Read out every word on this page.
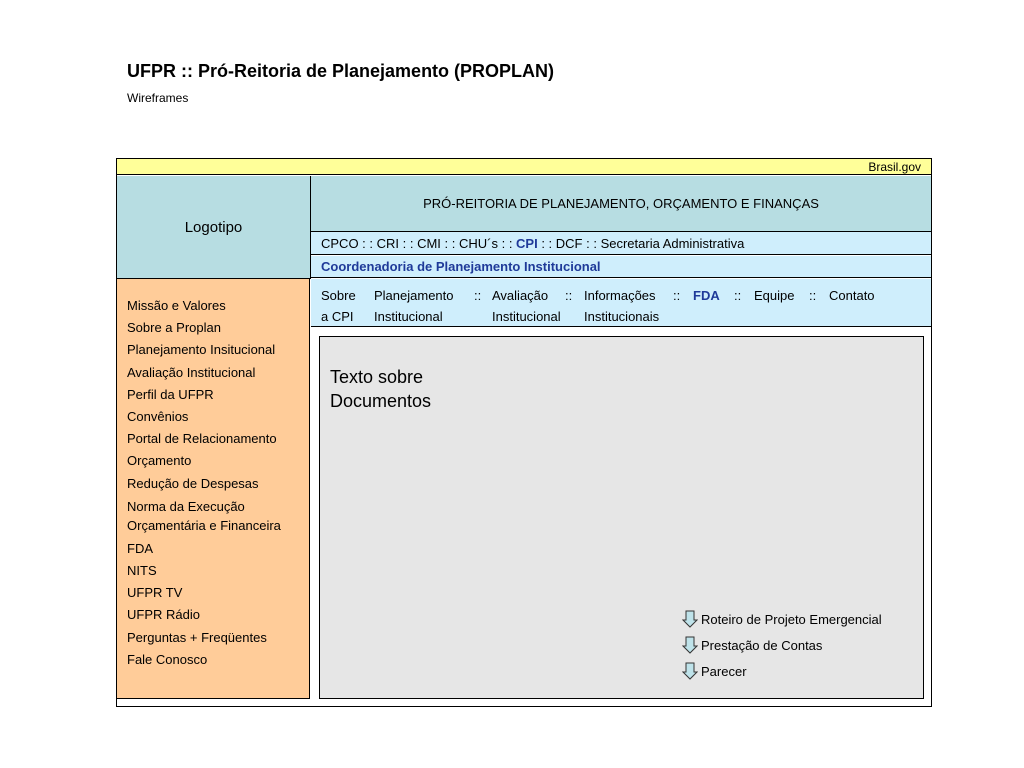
UFPR :: Pró-Reitoria de Planejamento (PROPLAN)
Wireframes
Brasil.gov
Logotipo
PRÓ-REITORIA DE PLANEJAMENTO, ORÇAMENTO E FINANÇAS
CPCO : : CRI : : CMI : : CHU´s : : CPI : : DCF : : Secretaria Administrativa
Coordenadoria de Planejamento Institucional
Missão e Valores
Sobre a Proplan
Planejamento Insitucional
Avaliação Institucional
Perfil da UFPR
Convênios
Portal de Relacionamento
Orçamento
Redução de Despesas
Norma da Execução Orçamentária e Financeira
FDA
NITS
UFPR TV
UFPR Rádio
Perguntas + Freqüentes
Fale Conosco
Sobre
a CPI
Planejamento
Institucional
Avaliação
Institucional
Informações
Institucionais
FDA	Equipe	Contato
::	::	::	::	::
Texto sobre
Documentos
Roteiro de Projeto Emergencial
Prestação de Contas
Parecer
